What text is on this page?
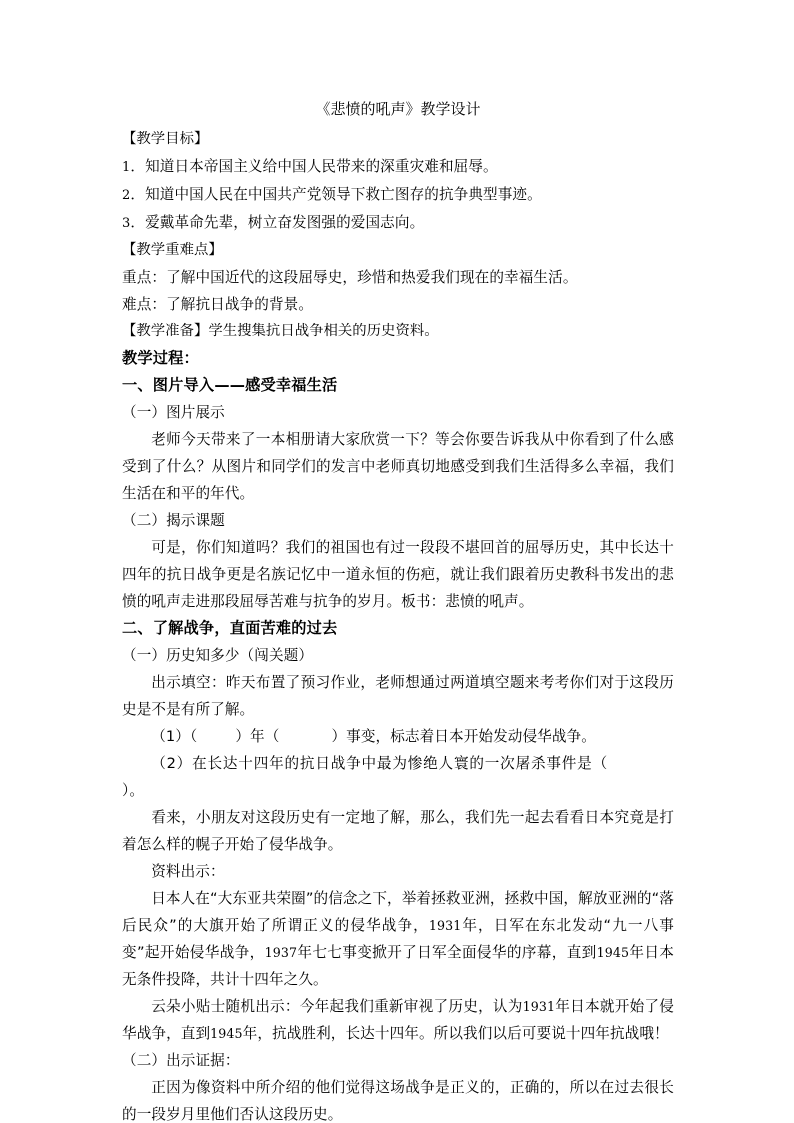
《悲愤的吼声》教学设计
【教学目标】
1．知道日本帝国主义给中国人民带来的深重灾难和屈辱。
2．知道中国人民在中国共产党领导下救亡图存的抗争典型事迹。
3．爱戴革命先辈，树立奋发图强的爱国志向。
【教学重难点】
重点：了解中国近代的这段屈辱史，珍惜和热爱我们现在的幸福生活。
难点：了解抗日战争的背景。
【教学准备】学生搜集抗日战争相关的历史资料。
教学过程：
一、图片导入——感受幸福生活
（一）图片展示
老师今天带来了一本相册请大家欣赏一下？等会你要告诉我从中你看到了什么感受到了什么？从图片和同学们的发言中老师真切地感受到我们生活得多么幸福，我们生活在和平的年代。
（二）揭示课题
可是，你们知道吗？我们的祖国也有过一段段不堪回首的屈辱历史，其中长达十四年的抗日战争更是名族记忆中一道永恒的伤疤，就让我们跟着历史教科书发出的悲愤的吼声走进那段屈辱苦难与抗争的岁月。板书：悲愤的吼声。
二、了解战争，直面苦难的过去
（一）历史知多少（闯关题）
出示填空：昨天布置了预习作业，老师想通过两道填空题来考考你们对于这段历史是不是有所了解。
（1）（	）年（	）事变，标志着日本开始发动侵华战争。
（2）在长达十四年的抗日战争中最为惨绝人寰的一次屠杀事件是（）。
看来，小朋友对这段历史有一定地了解，那么，我们先一起去看看日本究竟是打着怎么样的幌子开始了侵华战争。
资料出示：
日本人在“大东亚共荣圈”的信念之下，举着拯救亚洲，拯救中国，解放亚洲的“落后民众”的大旗开始了所谓正义的侵华战争，1931年，日军在东北发动“九一八事变”起开始侵华战争，1937年七七事变掀开了日军全面侵华的序幕，直到1945年日本无条件投降，共计十四年之久。
云朵小贴士随机出示：今年起我们重新审视了历史，认为1931年日本就开始了侵华战争，直到1945年，抗战胜利，长达十四年。所以我们以后可要说十四年抗战哦！
（二）出示证据：
正因为像资料中所介绍的他们觉得这场战争是正义的，正确的，所以在过去很长的一段岁月里他们否认这段历史。
